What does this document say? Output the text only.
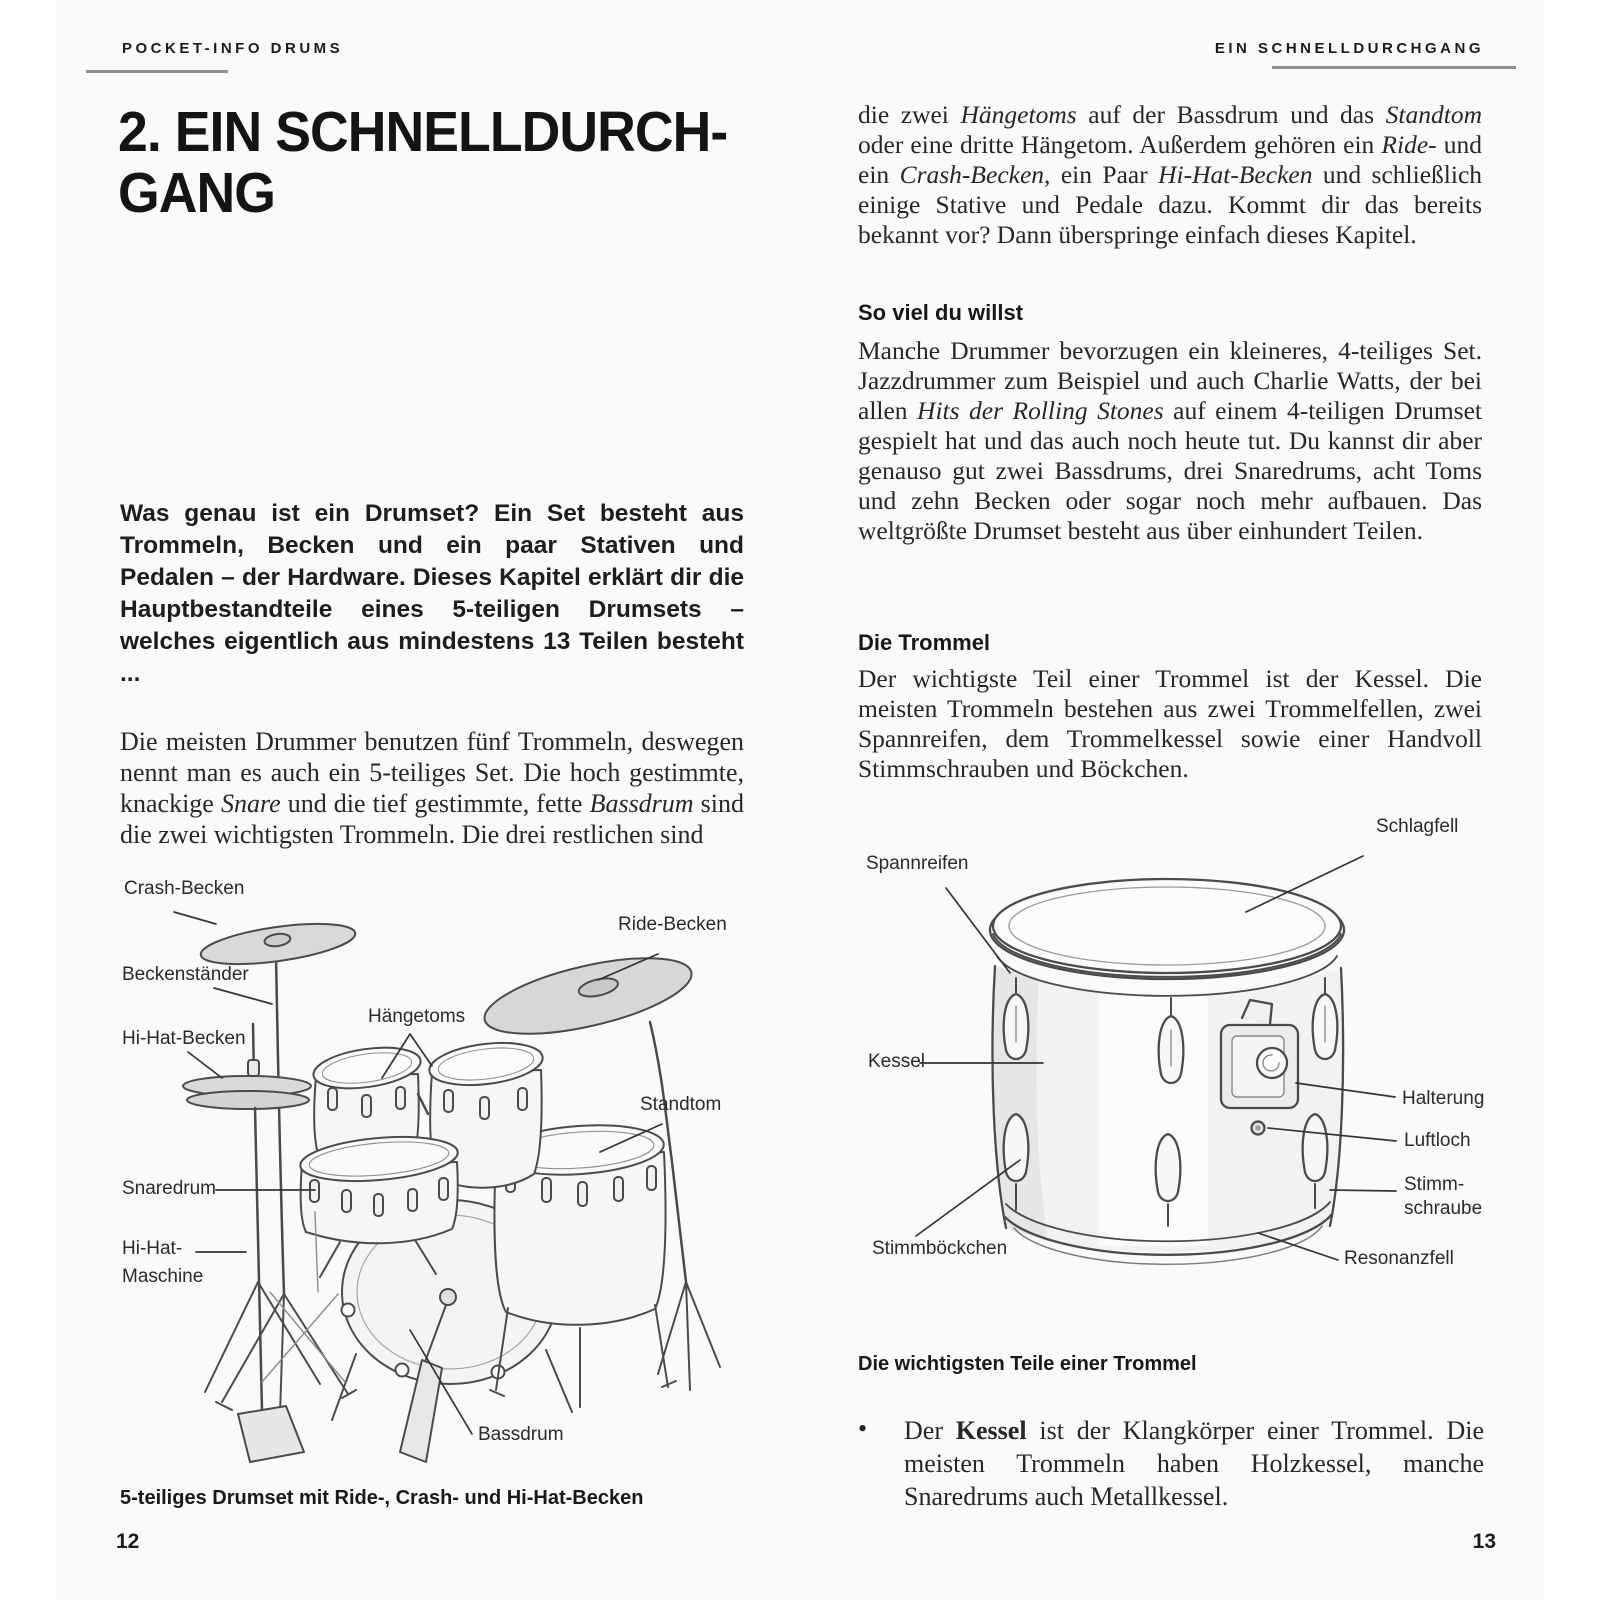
POCKET-INFO DRUMS
2. EIN SCHNELLDURCH-
GANG
Was genau ist ein Drumset? Ein Set besteht aus Trommeln, Becken und ein paar Stativen und Pedalen – der Hardware. Dieses Kapitel erklärt dir die Hauptbestandteile eines 5-teiligen Drumsets – welches eigentlich aus mindestens 13 Teilen besteht ...
Die meisten Drummer benutzen fünf Trommeln, deswegen nennt man es auch ein 5-teiliges Set. Die hoch gestimmte, knackige Snare und die tief gestimmte, fette Bassdrum sind die zwei wichtigsten Trommeln. Die drei restlichen sind
Crash-Becken
Beckenständer
Hi-Hat-Becken
Hängetoms
Ride-Becken
Standtom
Snaredrum
Hi-Hat-
Maschine
Bassdrum
5-teiliges Drumset mit Ride-, Crash- und Hi-Hat-Becken
12
EIN SCHNELLDURCHGANG
die zwei Hängetoms auf der Bassdrum und das Standtom oder eine dritte Hängetom. Außerdem gehören ein Ride- und ein Crash-Becken, ein Paar Hi-Hat-Becken und schließlich einige Stative und Pedale dazu. Kommt dir das bereits bekannt vor? Dann überspringe einfach dieses Kapitel.
So viel du willst
Manche Drummer bevorzugen ein kleineres, 4-teiliges Set. Jazzdrummer zum Beispiel und auch Charlie Watts, der bei allen Hits der Rolling Stones auf einem 4-teiligen Drumset gespielt hat und das auch noch heute tut. Du kannst dir aber genauso gut zwei Bassdrums, drei Snaredrums, acht Toms und zehn Becken oder sogar noch mehr aufbauen. Das weltgrößte Drumset besteht aus über einhundert Teilen.
Die Trommel
Der wichtigste Teil einer Trommel ist der Kessel. Die meisten Trommeln bestehen aus zwei Trommelfellen, zwei Spannreifen, dem Trommelkessel sowie einer Handvoll Stimmschrauben und Böckchen.
Spannreifen
Schlagfell
Kessel
Halterung
Luftloch
Stimm-
schraube
Stimmböckchen	Resonanzfell
Die wichtigsten Teile einer Trommel
•	Der Kessel ist der Klangkörper einer Trommel. Die meisten Trommeln haben Holzkessel, manche Snaredrums auch Metallkessel.
13
